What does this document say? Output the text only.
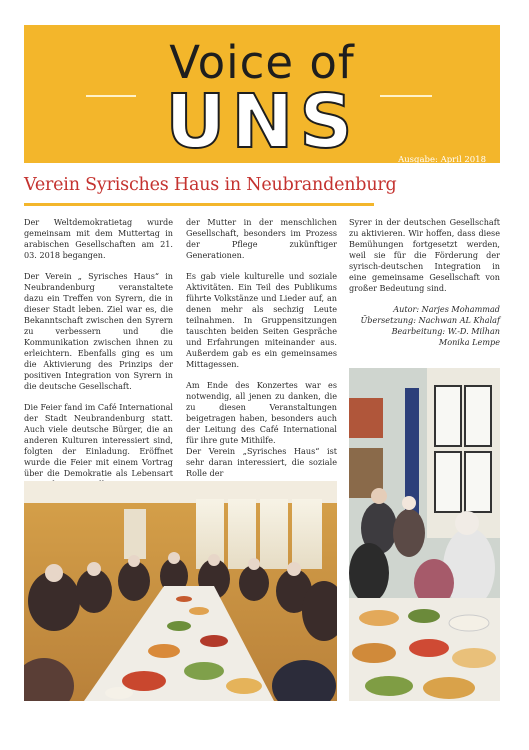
Voice of
UNS	Ausgabe: April 2018
Verein Syrisches Haus in Neubrandenburg

Der Weltdemokratietag wurde gemeinsam mit dem Muttertag in arabischen Gesellschaften am 21. 03. 2018 begangen.

Der Verein „ Syrisches Haus“ in Neubrandenburg veranstaltete dazu ein Treffen von Syrern, die in dieser Stadt leben. Ziel war es, die Bekanntschaft zwischen den Syrern zu verbessern und die Kommunikation zwischen ihnen zu erleichtern. Ebenfalls ging es um die Aktivierung des Prinzips der positiven Integration von Syrern in die deutsche Gesellschaft.

Die Feier fand im Café International der Stadt Neubrandenburg statt. Auch viele deutsche Bürger, die an anderen Kulturen interessiert sind, folgten der Einladung. Eröffnet wurde die Feier mit einem Vortrag über die Demokratie als Lebensart

der Mutter in der menschlichen Gesellschaft, besonders im Prozess der Pflege zukünftiger Generationen.

Es gab viele kulturelle und soziale Aktivitäten. Ein Teil des Publikums führte Volkstänze und Lieder auf, an denen mehr als sechzig Leute teilnahmen. In Gruppensitzungen tauschten beiden Seiten Gespräche und Erfahrungen miteinander aus. Außerdem gab es ein gemeinsames Mittagessen.

Am Ende des Konzertes war es notwendig, all jenen zu danken, die zu diesen Veranstaltungen beigetragen haben, besonders auch der Leitung des Café International für ihre gute Mithilfe.

Der Verein „Syrisches Haus“ ist sehr daran interessiert, die soziale Rolle der

Syrer in der deutschen Gesellschaft zu aktivieren. Wir hoffen, dass diese Bemühungen fortgesetzt werden, weil sie für die Förderung der syrisch-deutschen Integration in eine gemeinsame Gesellschaft von großer Bedeutung sind.

Autor: Narjes Mohammad
Übersetzung: Nachwan AL Khalaf
Bearbeitung: W.-D. Milhan
Monika Lempe
